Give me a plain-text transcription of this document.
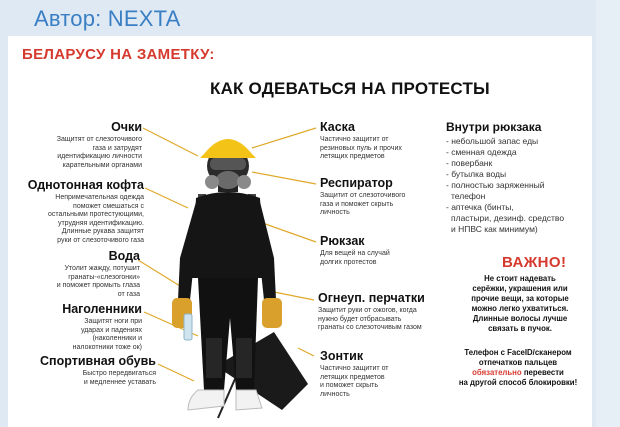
Автор: NEXTA
БЕЛАРУСУ НА ЗАМЕТКУ:
КАК ОДЕВАТЬСЯ НА ПРОТЕСТЫ
Очки
Защитят от слезоточивого
газа и затрудят
идентификацию личности
карательными органами
Однотонная кофта
Непримечательная одежда
поможет смешаться с
остальными протестующими,
утрудняя идентификацию.
Длинные рукава защитят
руки от слезоточивого газа
Вода
Утолит жажду, потушит
гранаты-«слезогонки»
и поможет промыть глаза
от газа
Наголенники
Защитят ноги при
ударах и падениях
(наколенники и
налокотники тоже ок)
Спортивная обувь
Быстро передвигаться
и медленнее уставать
Каска
Частично защитит от
резиновых пуль и прочих
летящих предметов
Респиратор
Защитит от слезоточивого
газа и поможет скрыть
личность
Рюкзак
Для вещей на случай
долгих протестов
Огнеуп. перчатки
Защитит руки от ожогов, когда
нужно будет отбрасывать
гранаты со слезоточивым газом
Зонтик
Частично защитит от
летящих предметов
и поможет скрыть
личность
Внутри рюкзака
- небольшой запас еды
- сменная одежда
- повербанк
- бутылка воды
- полностью заряженный
телефон
- аптечка (бинты,
пластыри, дезинф. средство
и НПВС как минимум)
ВАЖНО!
Не стоит надевать
серёжки, украшения или
прочие вещи, за которые
можно легко ухватиться.
Длинные волосы лучше
связать в пучок.
Телефон с FaceID/сканером
отпечатков пальцев
обязательно перевести
на другой способ блокировки!
